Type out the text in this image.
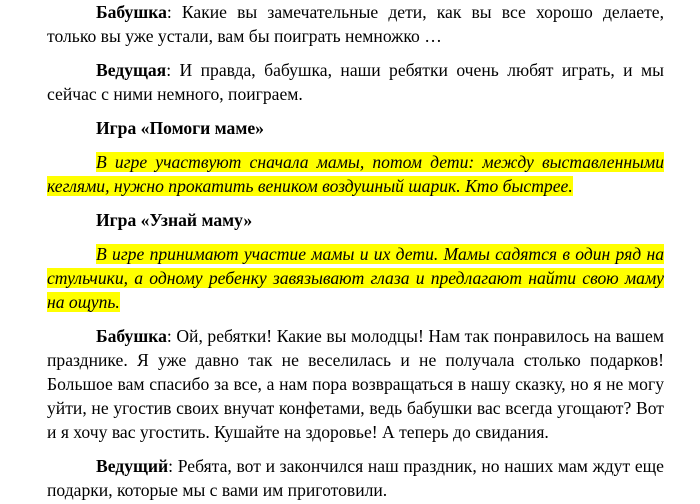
Бабушка: Какие вы замечательные дети, как вы все хорошо делаете, только вы уже устали, вам бы поиграть немножко …

Ведущая: И правда, бабушка, наши ребятки очень любят играть, и мы сейчас с ними немного, поиграем.

Игра «Помоги маме»

В игре участвуют сначала мамы, потом дети: между выставленными кеглями, нужно прокатить веником воздушный шарик. Кто быстрее.

Игра «Узнай маму»

В игре принимают участие мамы и их дети. Мамы садятся в один ряд на стульчики, а одному ребенку завязывают глаза и предлагают найти свою маму на ощупь.

Бабушка: Ой, ребятки! Какие вы молодцы! Нам так понравилось на вашем празднике. Я уже давно так не веселилась и не получала столько подарков! Большое вам спасибо за все, а нам пора возвращаться в нашу сказку, но я не могу уйти, не угостив своих внучат конфетами, ведь бабушки вас всегда угощают? Вот и я хочу вас угостить. Кушайте на здоровье! А теперь до свидания.

Ведущий: Ребята, вот и закончился наш праздник, но наших мам ждут еще подарки, которые мы с вами им приготовили.
